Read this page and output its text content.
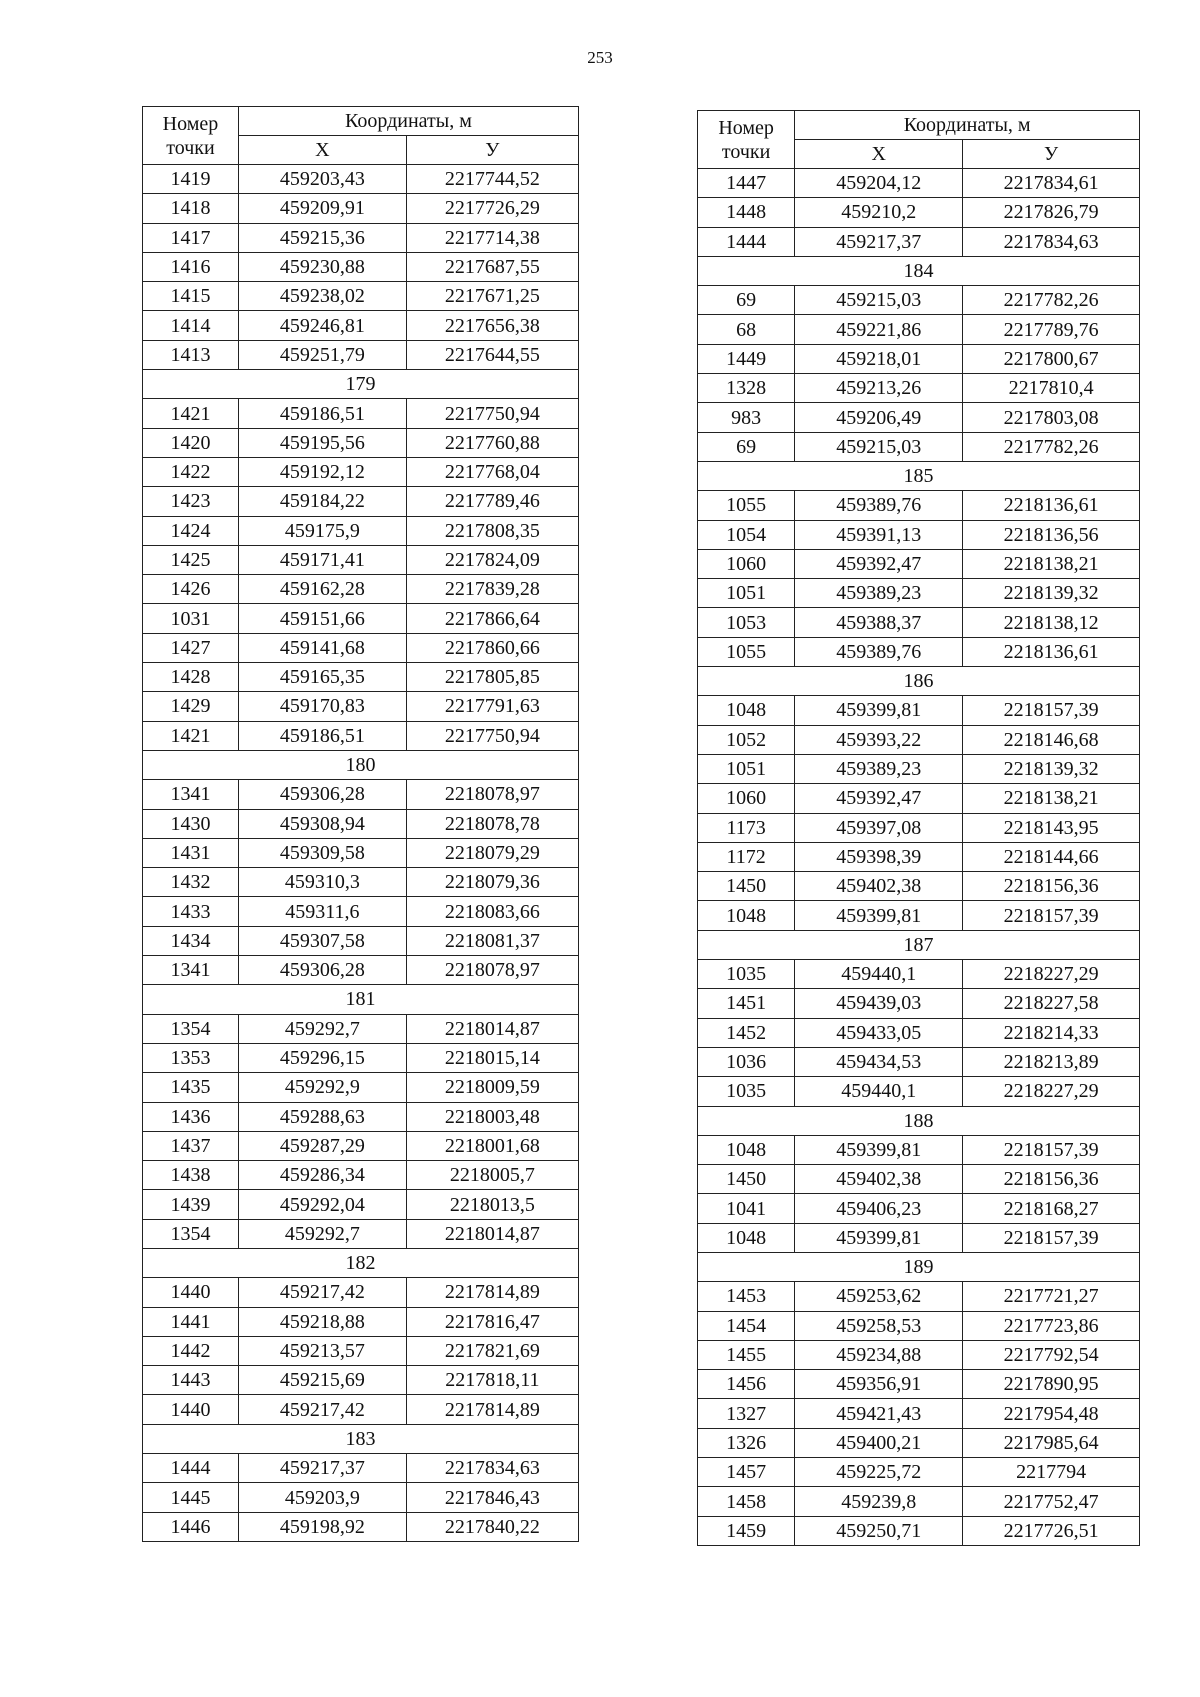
253
Номер
точки	Координаты, м	
	Х	У
1419	459203,43	2217744,52
1418	459209,91	2217726,29
1417	459215,36	2217714,38
1416	459230,88	2217687,55
1415	459238,02	2217671,25
1414	459246,81	2217656,38
1413	459251,79	2217644,55
179		
1421	459186,51	2217750,94
1420	459195,56	2217760,88
1422	459192,12	2217768,04
1423	459184,22	2217789,46
1424	459175,9	2217808,35
1425	459171,41	2217824,09
1426	459162,28	2217839,28
1031	459151,66	2217866,64
1427	459141,68	2217860,66
1428	459165,35	2217805,85
1429	459170,83	2217791,63
1421	459186,51	2217750,94
180		
1341	459306,28	2218078,97
1430	459308,94	2218078,78
1431	459309,58	2218079,29
1432	459310,3	2218079,36
1433	459311,6	2218083,66
1434	459307,58	2218081,37
1341	459306,28	2218078,97
181		
1354	459292,7	2218014,87
1353	459296,15	2218015,14
1435	459292,9	2218009,59
1436	459288,63	2218003,48
1437	459287,29	2218001,68
1438	459286,34	2218005,7
1439	459292,04	2218013,5
1354	459292,7	2218014,87
182		
1440	459217,42	2217814,89
1441	459218,88	2217816,47
1442	459213,57	2217821,69
1443	459215,69	2217818,11
1440	459217,42	2217814,89
183		
1444	459217,37	2217834,63
1445	459203,9	2217846,43
1446	459198,92	2217840,22
Номер
точки	Координаты, м	
	Х	У
1447	459204,12	2217834,61
1448	459210,2	2217826,79
1444	459217,37	2217834,63
184		
69	459215,03	2217782,26
68	459221,86	2217789,76
1449	459218,01	2217800,67
1328	459213,26	2217810,4
983	459206,49	2217803,08
69	459215,03	2217782,26
185		
1055	459389,76	2218136,61
1054	459391,13	2218136,56
1060	459392,47	2218138,21
1051	459389,23	2218139,32
1053	459388,37	2218138,12
1055	459389,76	2218136,61
186		
1048	459399,81	2218157,39
1052	459393,22	2218146,68
1051	459389,23	2218139,32
1060	459392,47	2218138,21
1173	459397,08	2218143,95
1172	459398,39	2218144,66
1450	459402,38	2218156,36
1048	459399,81	2218157,39
187		
1035	459440,1	2218227,29
1451	459439,03	2218227,58
1452	459433,05	2218214,33
1036	459434,53	2218213,89
1035	459440,1	2218227,29
188		
1048	459399,81	2218157,39
1450	459402,38	2218156,36
1041	459406,23	2218168,27
1048	459399,81	2218157,39
189		
1453	459253,62	2217721,27
1454	459258,53	2217723,86
1455	459234,88	2217792,54
1456	459356,91	2217890,95
1327	459421,43	2217954,48
1326	459400,21	2217985,64
1457	459225,72	2217794
1458	459239,8	2217752,47
1459	459250,71	2217726,51
